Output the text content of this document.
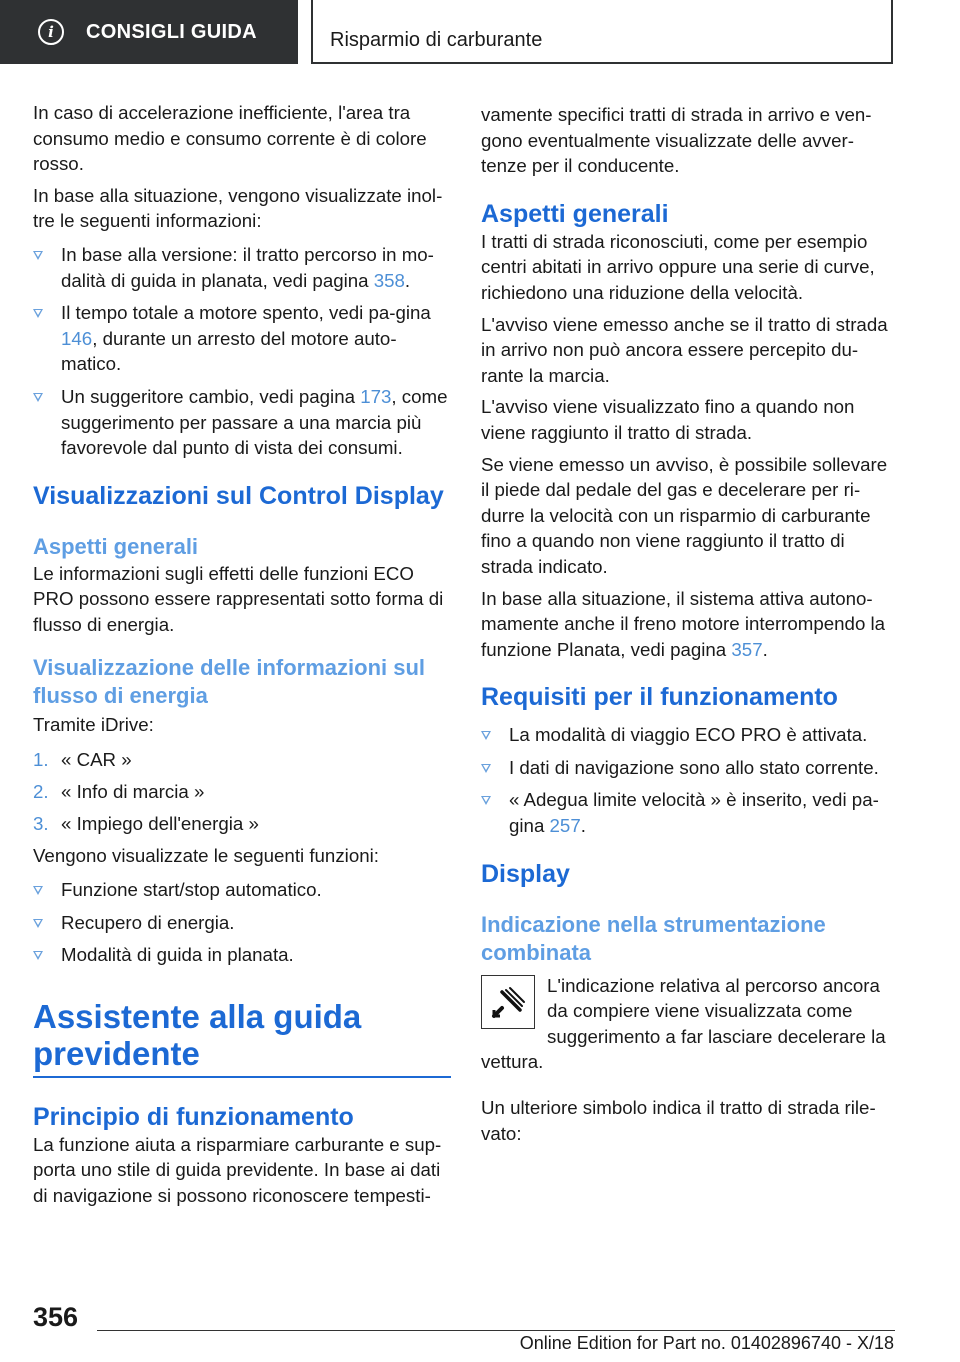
i	CONSIGLI GUIDA	Risparmio di carburante

In caso di accelerazione inefficiente, l'area tra consumo medio e consumo corrente è di colore rosso.

In base alla situazione, vengono visualizzate inol-tre le seguenti informazioni:

In base alla versione: il tratto percorso in mo-dalità di guida in planata, vedi pagina 358.
Il tempo totale a motore spento, vedi pa-gina 146, durante un arresto del motore auto-matico.
Un suggeritore cambio, vedi pagina 173, come suggerimento per passare a una marcia più favorevole dal punto di vista dei consumi.
Visualizzazioni sul Control Display
Aspetti generali

Le informazioni sugli effetti delle funzioni ECO PRO possono essere rappresentati sotto forma di flusso di energia.

Visualizzazione delle informazioni sul flusso di energia

Tramite iDrive:

1. « CAR »
2. « Info di marcia »
3. « Impiego dell'energia »

Vengono visualizzate le seguenti funzioni:

Funzione start/stop automatico.
Recupero di energia.
Modalità di guida in planata.
Assistente alla guida previdente
Principio di funzionamento

La funzione aiuta a risparmiare carburante e sup-porta uno stile di guida previdente. In base ai dati di navigazione si possono riconoscere tempesti-

vamente specifici tratti di strada in arrivo e ven-gono eventualmente visualizzate delle avver-tenze per il conducente.

Aspetti generali

I tratti di strada riconosciuti, come per esempio centri abitati in arrivo oppure una serie di curve, richiedono una riduzione della velocità.

L'avviso viene emesso anche se il tratto di strada in arrivo non può ancora essere percepito du-rante la marcia.

L'avviso viene visualizzato fino a quando non viene raggiunto il tratto di strada.

Se viene emesso un avviso, è possibile sollevare il piede dal pedale del gas e decelerare per ri-durre la velocità con un risparmio di carburante fino a quando non viene raggiunto il tratto di strada indicato.

In base alla situazione, il sistema attiva autono-mamente anche il freno motore interrompendo la funzione Planata, vedi pagina 357.

Requisiti per il funzionamento
La modalità di viaggio ECO PRO è attivata.
I dati di navigazione sono allo stato corrente.
« Adegua limite velocità » è inserito, vedi pa-gina 257.
Display
Indicazione nella strumentazione combinata

L'indicazione relativa al percorso ancora da compiere viene visualizzata come suggerimento a far lasciare decelerare la vettura.

Un ulteriore simbolo indica il tratto di strada rile-vato:

356
Online Edition for Part no. 01402896740 - X/18
